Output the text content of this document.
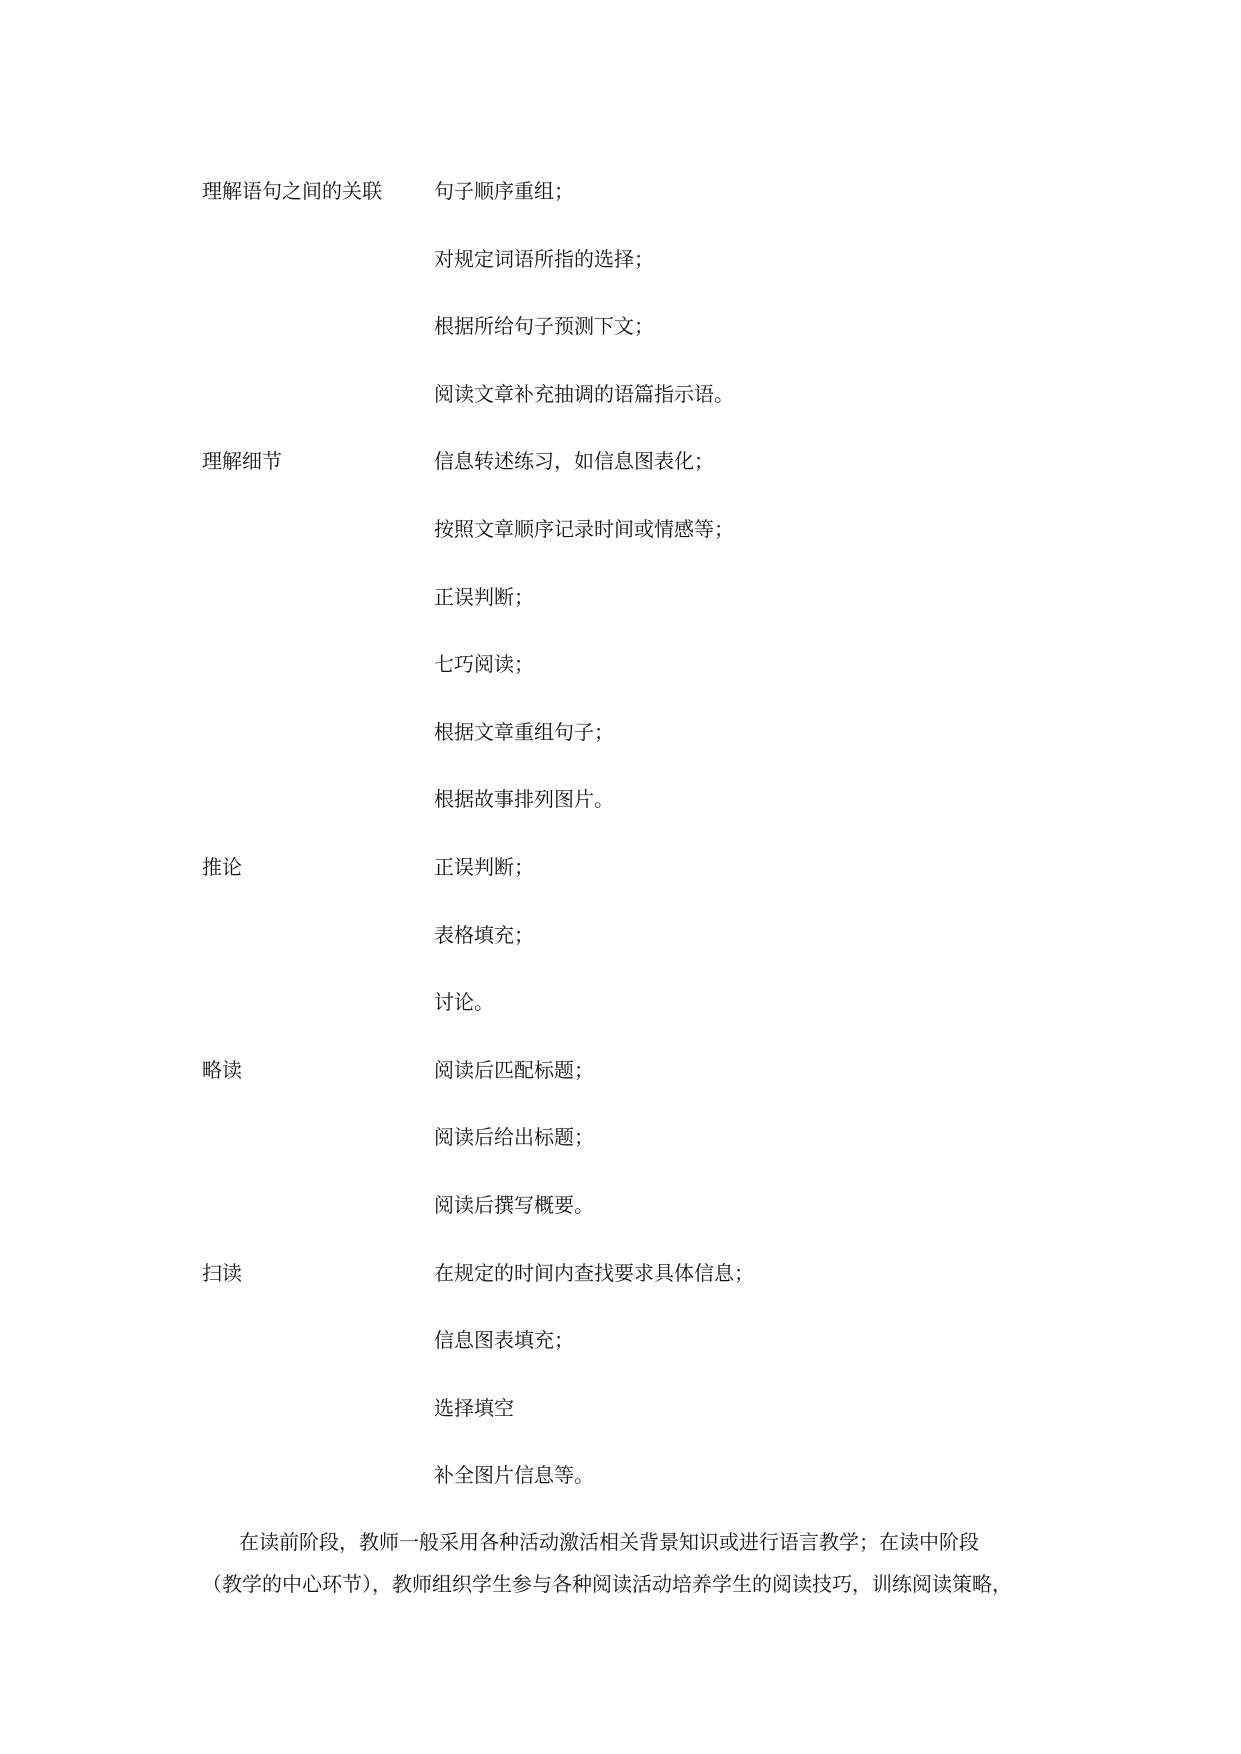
理解语句之间的关联	句子顺序重组；
对规定词语所指的选择；
根据所给句子预测下文；
阅读文章补充抽调的语篇指示语。
理解细节	信息转述练习，如信息图表化；
按照文章顺序记录时间或情感等；
正误判断；
七巧阅读；
根据文章重组句子；
根据故事排列图片。
推论	正误判断；
表格填充；
讨论。
略读	阅读后匹配标题；
阅读后给出标题；
阅读后撰写概要。
扫读	在规定的时间内查找要求具体信息；
信息图表填充；
选择填空
补全图片信息等。
在读前阶段，教师一般采用各种活动激活相关背景知识或进行语言教学；在读中阶段
（教学的中心环节），教师组织学生参与各种阅读活动培养学生的阅读技巧，训练阅读策略，
